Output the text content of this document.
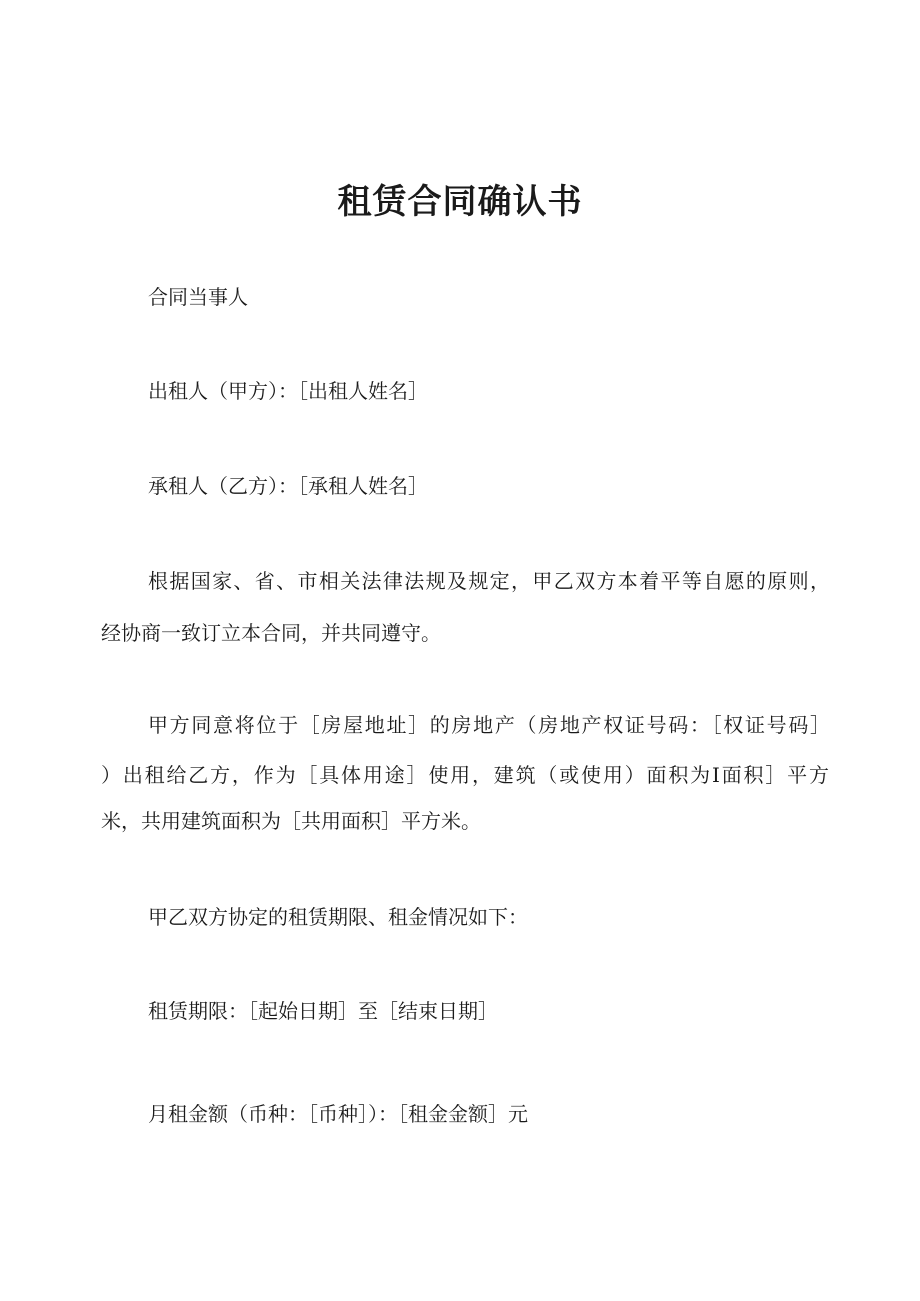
租赁合同确认书

合同当事人

出租人（甲方）：［出租人姓名］

承租人（乙方）：［承租人姓名］

根据国家、省、市相关法律法规及规定，甲乙双方本着平等自愿的原则，

经协商一致订立本合同，并共同遵守。

甲方同意将位于［房屋地址］的房地产（房地产权证号码：［权证号码］

）出租给乙方，作为［具体用途］使用，建筑（或使用）面积为I面积］平方

米，共用建筑面积为［共用面积］平方米。

甲乙双方协定的租赁期限、租金情况如下：

租赁期限：［起始日期］至［结束日期］

月租金额（币种：［币种］）：［租金金额］元
